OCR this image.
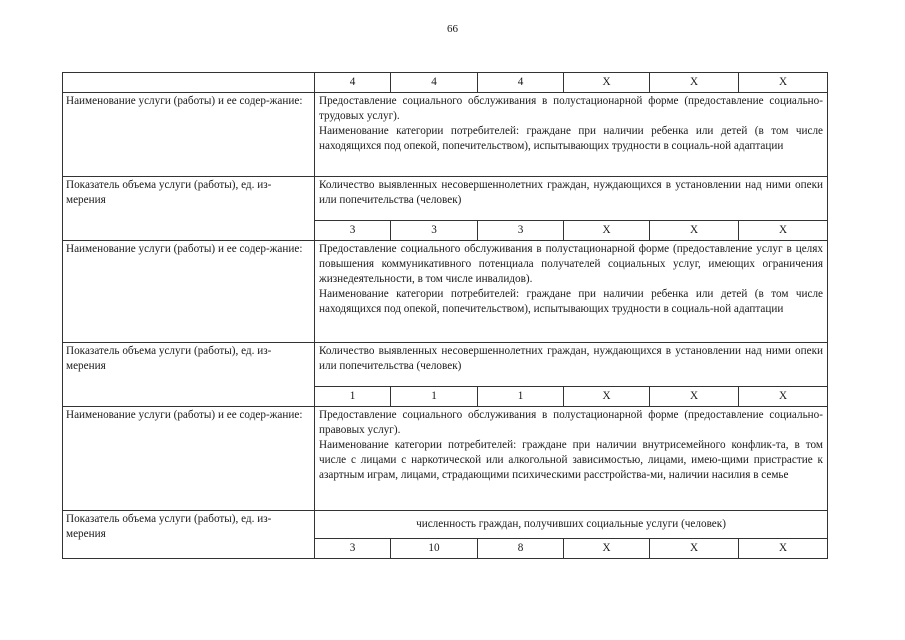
66
	4	4	4	Х	Х	Х
Наименование услуги (работы) и ее содер-жание:	Предоставление социального обслуживания в полустационарной форме (предоставление социально-трудовых услуг).

Наименование категории потребителей: граждане при наличии ребенка или детей (в том числе находящихся под опекой, попечительством), испытывающих трудности в социаль-ной адаптации					

Показатель объема услуги (работы), ед. из-мерения	Количество выявленных несовершеннолетних граждан, нуждающихся в установлении над ними опеки или попечительства (человек)					
	3	3	3	Х	Х	Х
Наименование услуги (работы) и ее содер-жание:	Предоставление социального обслуживания в полустационарной форме (предоставление услуг в целях повышения коммуникативного потенциала получателей социальных услуг, имеющих ограничения жизнедеятельности, в том числе инвалидов).

Наименование категории потребителей: граждане при наличии ребенка или детей (в том числе находящихся под опекой, попечительством), испытывающих трудности в социаль-ной адаптации					

Показатель объема услуги (работы), ед. из-мерения	Количество выявленных несовершеннолетних граждан, нуждающихся в установлении над ними опеки или попечительства (человек)					
	1	1	1	Х	Х	Х
Наименование услуги (работы) и ее содер-жание:	Предоставление социального обслуживания в полустационарной форме (предоставление социально-правовых услуг).

Наименование категории потребителей: граждане при наличии внутрисемейного конфлик-та, в том числе с лицами с наркотической или алкогольной зависимостью, лицами, имею-щими пристрастие к азартным играм, лицами, страдающими психическими расстройства-ми, наличии насилия в семье					

Показатель объема услуги (работы), ед. из-мерения	численность граждан, получивших социальные услуги (человек)					
	3	10	8	Х	Х	Х
